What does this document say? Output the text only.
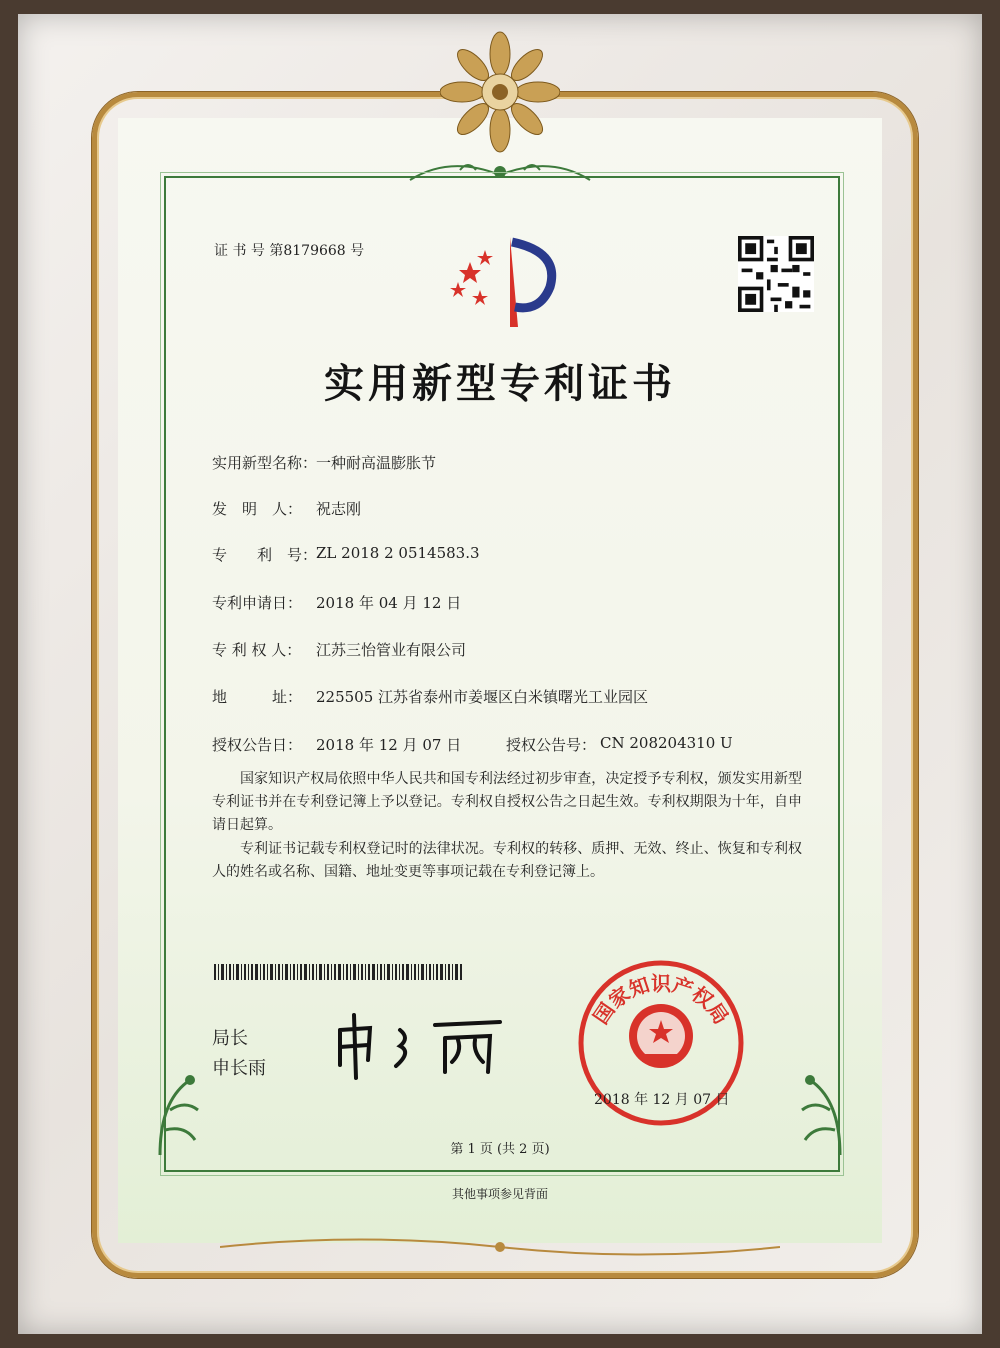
证 书 号 第8179668 号
实用新型专利证书
实用新型名称：
一种耐高温膨胀节
发　明　人： 祝志刚
专　　利　号：
ZL 2018 2 0514583.3
专利申请日： 2018 年 04 月 12 日
专 利 权 人： 江苏三怡管业有限公司
地　　　址： 225505 江苏省泰州市姜堰区白米镇曙光工业园区
授权公告日： 2018 年 12 月 07 日	授权公告号： CN 208204310 U
国家知识产权局依照中华人民共和国专利法经过初步审查，决定授予专利权，颁发实用新型专利证书并在专利登记簿上予以登记。专利权自授权公告之日起生效。专利权期限为十年，自申请日起算。
专利证书记载专利权登记时的法律状况。专利权的转移、质押、无效、终止、恢复和专利权人的姓名或名称、国籍、地址变更等事项记载在专利登记簿上。
局长
申长雨
国家知识产权局
2018 年 12 月 07 日
第 1 页 (共 2 页)
其他事项参见背面
